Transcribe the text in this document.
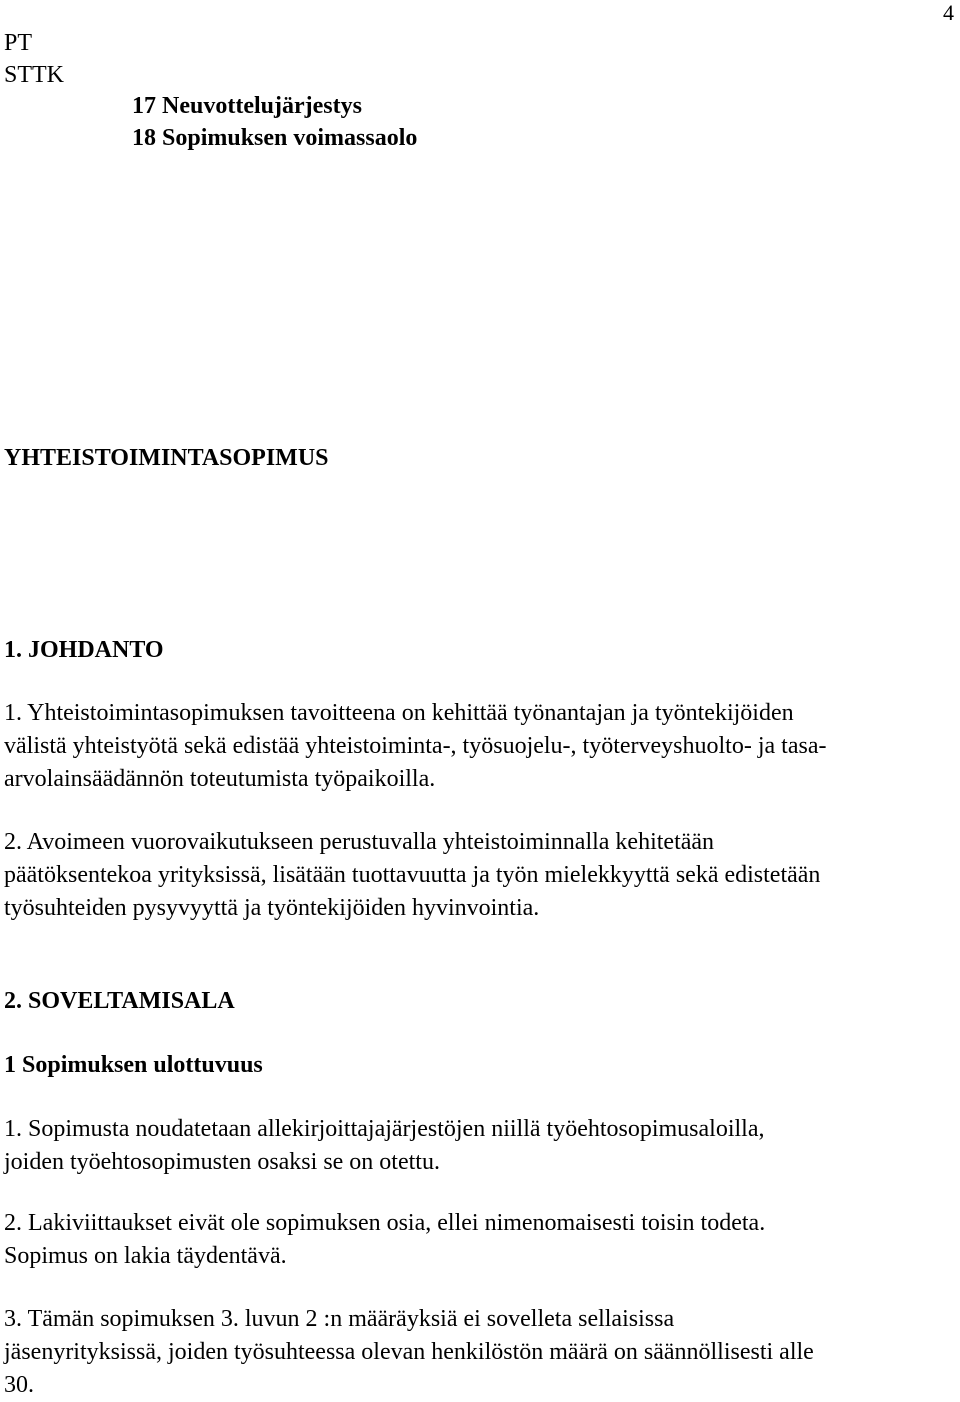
4
PT
STTK
17 Neuvottelujärjestys
18 Sopimuksen voimassaolo
YHTEISTOIMINTASOPIMUS
1. JOHDANTO

1. Yhteistoimintasopimuksen tavoitteena on kehittää työnantajan ja työntekijöiden
välistä yhteistyötä sekä edistää yhteistoiminta-, työsuojelu-, työterveyshuolto- ja tasa-
arvolainsäädännön toteutumista työpaikoilla.

2. Avoimeen vuorovaikutukseen perustuvalla yhteistoiminnalla kehitetään
päätöksentekoa yrityksissä, lisätään tuottavuutta ja työn mielekkyyttä sekä edistetään
työsuhteiden pysyvyyttä ja työntekijöiden hyvinvointia.

2. SOVELTAMISALA
1 Sopimuksen ulottuvuus

1. Sopimusta noudatetaan allekirjoittajajärjestöjen niillä työehtosopimusaloilla,
joiden työehtosopimusten osaksi se on otettu.

2. Lakiviittaukset eivät ole sopimuksen osia, ellei nimenomaisesti toisin todeta.
Sopimus on lakia täydentävä.

3. Tämän sopimuksen 3. luvun 2 :n määräyksiä ei sovelleta sellaisissa
jäsenyrityksissä, joiden työsuhteessa olevan henkilöstön määrä on säännöllisesti alle
30.
